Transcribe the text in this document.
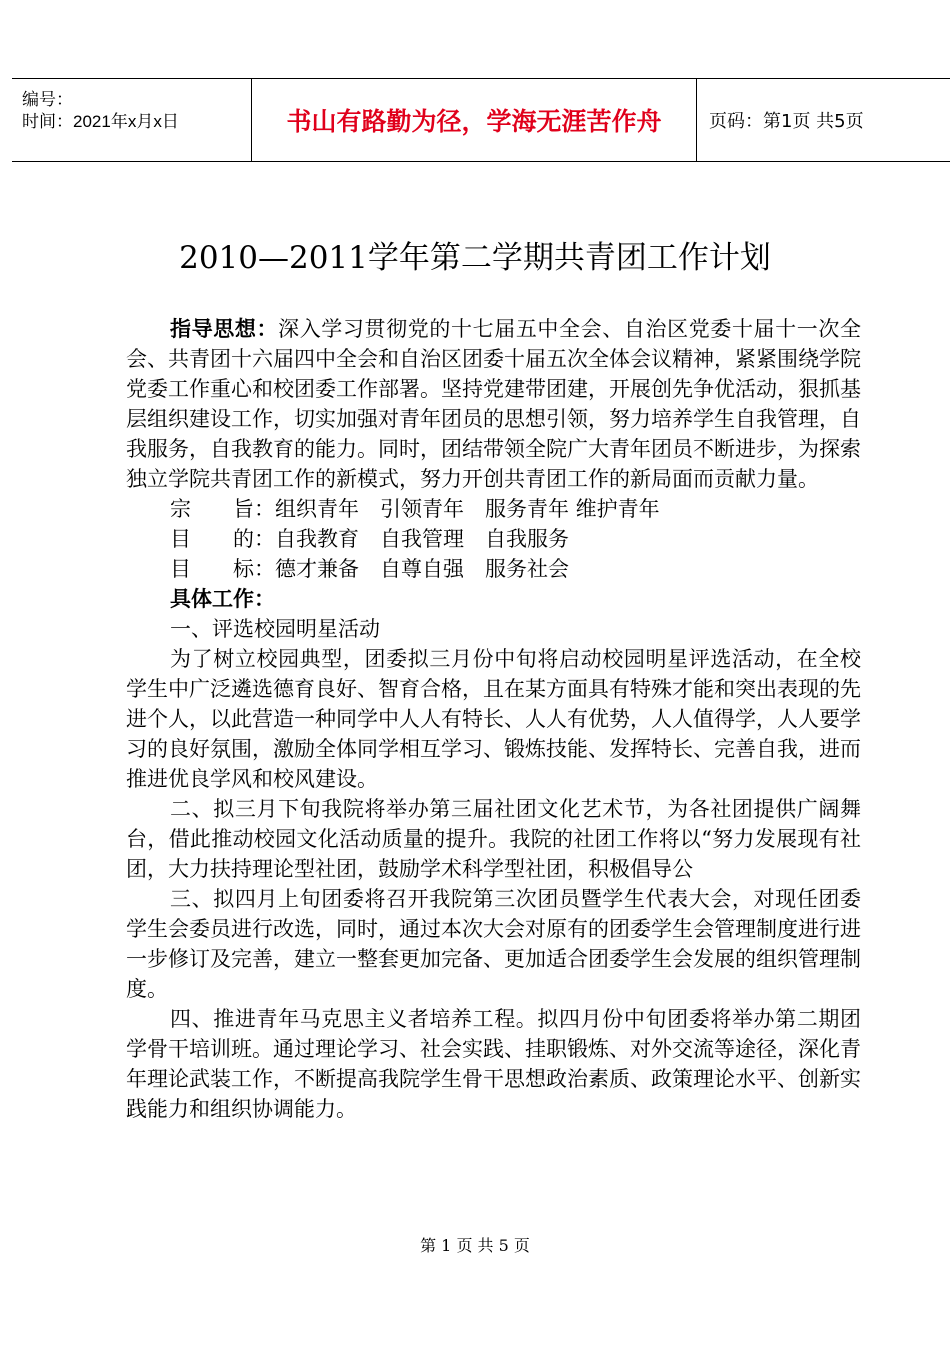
编号：
时间：2021年x月x日	书山有路勤为径，学海无涯苦作舟	页码：第1页 共5页
2010—2011学年第二学期共青团工作计划

指导思想：深入学习贯彻党的十七届五中全会、自治区党委十届十一次全会、共青团十六届四中全会和自治区团委十届五次全体会议精神，紧紧围绕学院党委工作重心和校团委工作部署。坚持党建带团建，开展创先争优活动，狠抓基层组织建设工作，切实加强对青年团员的思想引领，努力培养学生自我管理，自我服务，自我教育的能力。同时，团结带领全院广大青年团员不断进步，为探索独立学院共青团工作的新模式，努力开创共青团工作的新局面而贡献力量。

宗　　旨：组织青年　引领青年　服务青年 维护青年

目　　的：自我教育　自我管理　自我服务

目　　标：德才兼备　自尊自强　服务社会

具体工作：

一、评选校园明星活动

为了树立校园典型，团委拟三月份中旬将启动校园明星评选活动，在全校学生中广泛遴选德育良好、智育合格，且在某方面具有特殊才能和突出表现的先进个人，以此营造一种同学中人人有特长、人人有优势，人人值得学，人人要学习的良好氛围，激励全体同学相互学习、锻炼技能、发挥特长、完善自我，进而推进优良学风和校风建设。

二、拟三月下旬我院将举办第三届社团文化艺术节，为各社团提供广阔舞台，借此推动校园文化活动质量的提升。我院的社团工作将以“努力发展现有社团，大力扶持理论型社团，鼓励学术科学型社团，积极倡导公

三、拟四月上旬团委将召开我院第三次团员暨学生代表大会，对现任团委学生会委员进行改选，同时，通过本次大会对原有的团委学生会管理制度进行进一步修订及完善，建立一整套更加完备、更加适合团委学生会发展的组织管理制度。

四、推进青年马克思主义者培养工程。拟四月份中旬团委将举办第二期团学骨干培训班。通过理论学习、社会实践、挂职锻炼、对外交流等途径，深化青年理论武装工作，不断提高我院学生骨干思想政治素质、政策理论水平、创新实践能力和组织协调能力。

第 1 页 共 5 页
